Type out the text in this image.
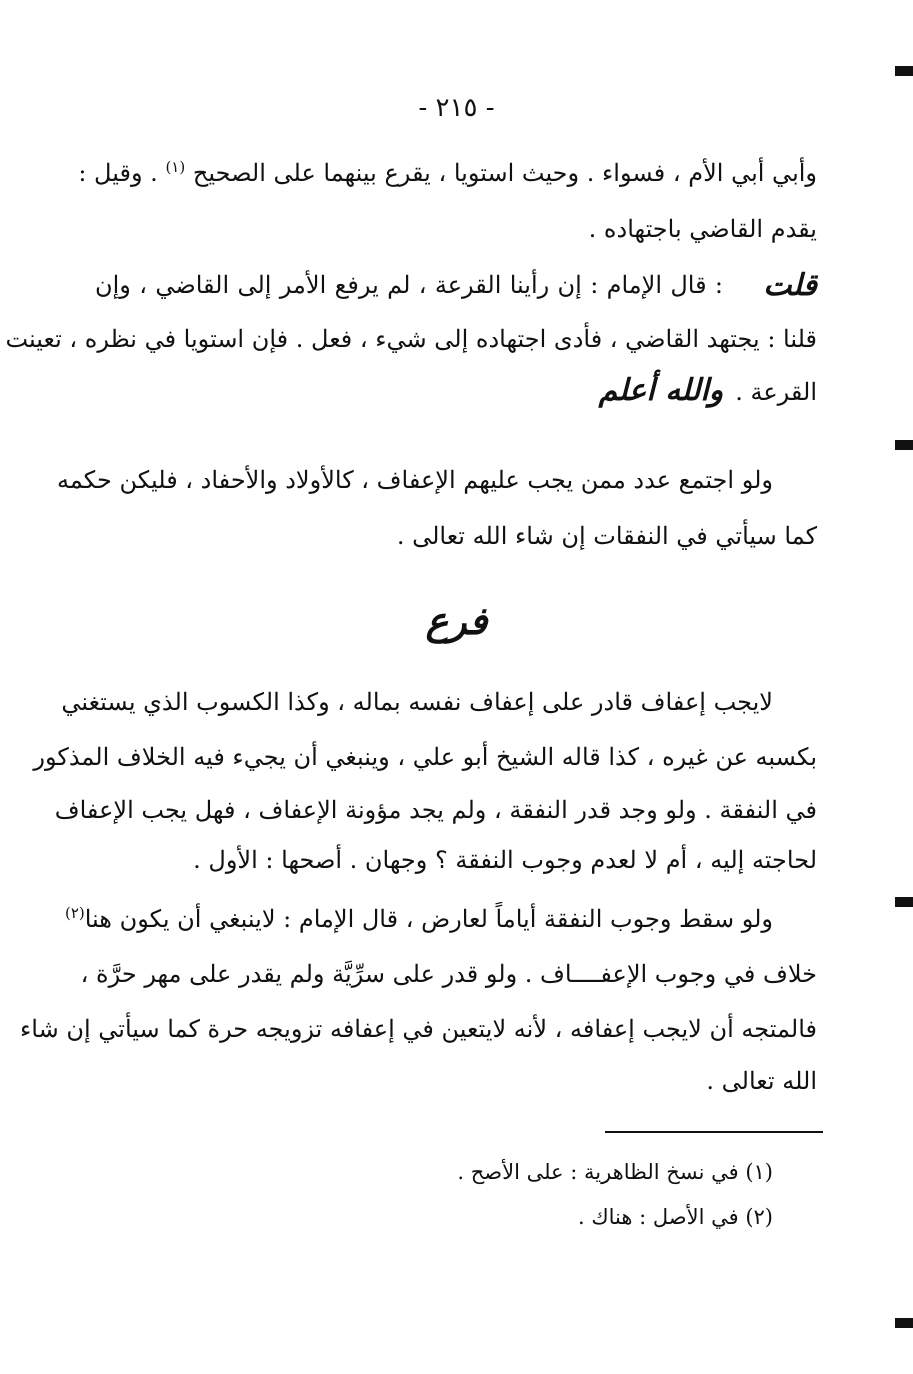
- ٢١٥ -
وأبي أبي الأم ، فسواء . وحيث استويا ، يقرع بينهما على الصحيح $^{(١)}$ . وقيل :
يقدم القاضي باجتهاده .
قلت
: قال الإمام : إن رأينا القرعة ، لم يرفع الأمر إلى القاضي ، وإن
قلنا : يجتهد القاضي ، فأدى اجتهاده إلى شيء ، فعل . فإن استويا في نظره ، تعينت
القرعة .والله أعلم
ولو اجتمع عدد ممن يجب عليهم الإعفاف ، كالأولاد والأحفاد ، فليكن حكمه
كما سيأتي في النفقات إن شاء الله تعالى .
فرع
لايجب إعفاف قادر على إعفاف نفسه بماله ، وكذا الكسوب الذي يستغني
بكسبه عن غيره ، كذا قاله الشيخ أبو علي ، وينبغي أن يجيء فيه الخلاف المذكور
في النفقة . ولو وجد قدر النفقة ، ولم يجد مؤونة الإعفاف ، فهل يجب الإعفاف
لحاجته إليه ، أم لا لعدم وجوب النفقة ؟ وجهان . أصحها : الأول .
ولو سقط وجوب النفقة أياماً لعارض ، قال الإمام : لاينبغي أن يكون هنا$^{(٢)}$
خلاف في وجوب الإعفــــاف . ولو قدر على سرِّيَّة ولم يقدر على مهر حرَّة ،
فالمتجه أن لايجب إعفافه ، لأنه لايتعين في إعفافه تزويجه حرة كما سيأتي إن شاء
الله تعالى .
(١) في نسخ الظاهرية : على الأصح .
(٢) في الأصل : هناك .
